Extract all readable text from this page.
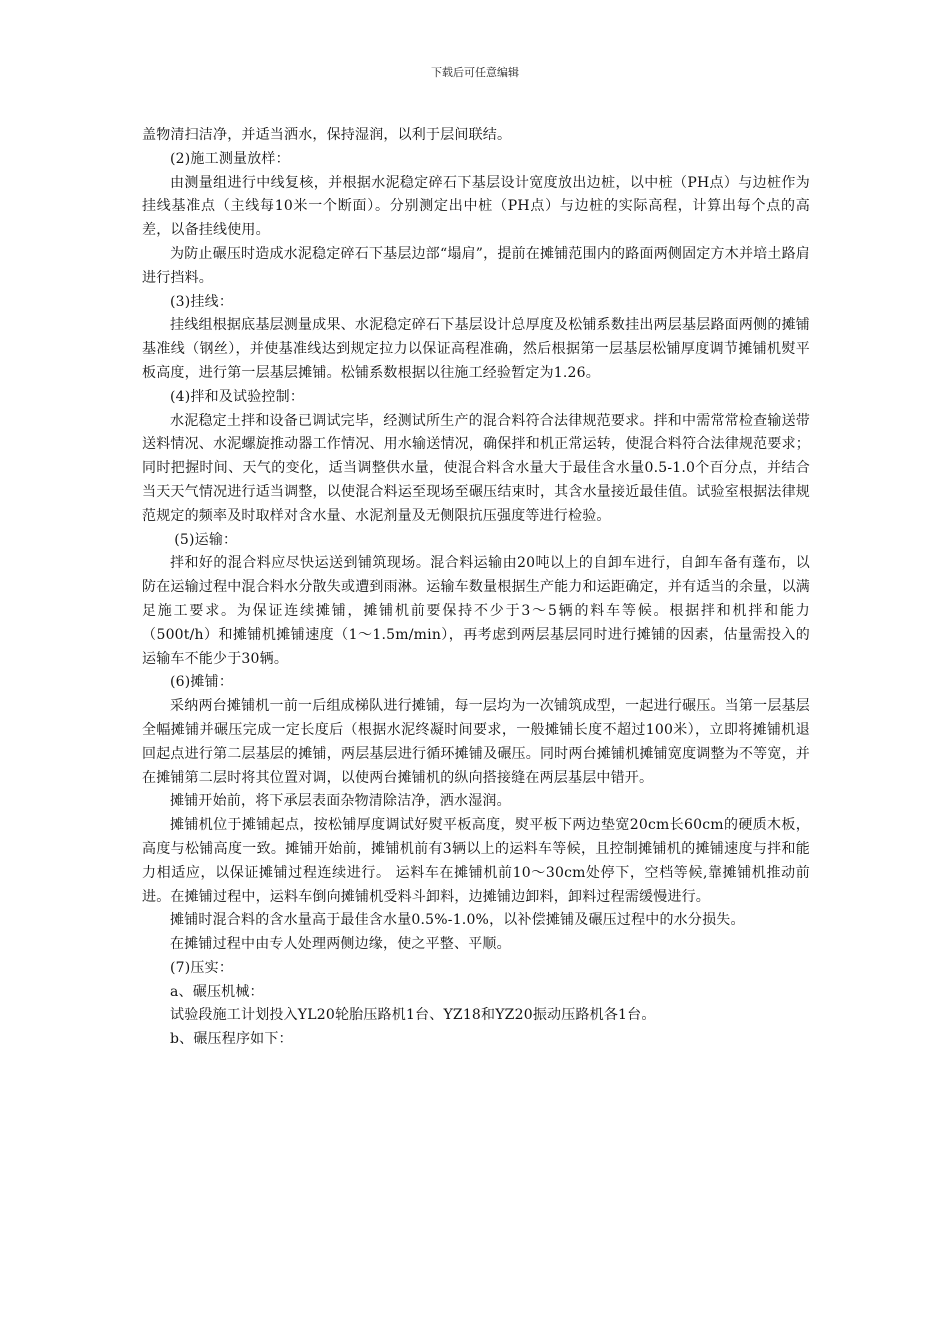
下载后可任意编辑

盖物清扫洁净，并适当洒水，保持湿润，以利于层间联结。

(2)施工测量放样：

由测量组进行中线复核，并根据水泥稳定碎石下基层设计宽度放出边桩，以中桩（PH点）与边桩作为挂线基准点（主线每10米一个断面）。分别测定出中桩（PH点）与边桩的实际高程，计算出每个点的高差，以备挂线使用。

为防止碾压时造成水泥稳定碎石下基层边部“塌肩”，提前在摊铺范围内的路面两侧固定方木并培土路肩进行挡料。

(3)挂线：

挂线组根据底基层测量成果、水泥稳定碎石下基层设计总厚度及松铺系数挂出两层基层路面两侧的摊铺基准线（钢丝），并使基准线达到规定拉力以保证高程准确，然后根据第一层基层松铺厚度调节摊铺机熨平板高度，进行第一层基层摊铺。松铺系数根据以往施工经验暂定为1.26。

(4)拌和及试验控制：

水泥稳定土拌和设备已调试完毕，经测试所生产的混合料符合法律规范要求。拌和中需常常检查输送带送料情况、水泥螺旋推动器工作情况、用水输送情况，确保拌和机正常运转，使混合料符合法律规范要求；同时把握时间、天气的变化，适当调整供水量，使混合料含水量大于最佳含水量0.5-1.0个百分点，并结合当天天气情况进行适当调整，以使混合料运至现场至碾压结束时，其含水量接近最佳值。试验室根据法律规范规定的频率及时取样对含水量、水泥剂量及无侧限抗压强度等进行检验。

(5)运输：

拌和好的混合料应尽快运送到铺筑现场。混合料运输由20吨以上的自卸车进行，自卸车备有蓬布，以防在运输过程中混合料水分散失或遭到雨淋。运输车数量根据生产能力和运距确定，并有适当的余量，以满足施工要求。为保证连续摊铺，摊铺机前要保持不少于3～5辆的料车等候。根据拌和机拌和能力（500t/h）和摊铺机摊铺速度（1～1.5m/min），再考虑到两层基层同时进行摊铺的因素，估量需投入的运输车不能少于30辆。

(6)摊铺：

采纳两台摊铺机一前一后组成梯队进行摊铺，每一层均为一次铺筑成型，一起进行碾压。当第一层基层全幅摊铺并碾压完成一定长度后（根据水泥终凝时间要求，一般摊铺长度不超过100米），立即将摊铺机退回起点进行第二层基层的摊铺，两层基层进行循环摊铺及碾压。同时两台摊铺机摊铺宽度调整为不等宽，并在摊铺第二层时将其位置对调，以使两台摊铺机的纵向搭接缝在两层基层中错开。

摊铺开始前，将下承层表面杂物清除洁净，洒水湿润。

摊铺机位于摊铺起点，按松铺厚度调试好熨平板高度，熨平板下两边垫宽20cm长60cm的硬质木板，高度与松铺高度一致。摊铺开始前，摊铺机前有3辆以上的运料车等候，且控制摊铺机的摊铺速度与拌和能力相适应，以保证摊铺过程连续进行。 运料车在摊铺机前10～30cm处停下，空档等候,靠摊铺机推动前进。在摊铺过程中，运料车倒向摊铺机受料斗卸料，边摊铺边卸料，卸料过程需缓慢进行。

摊铺时混合料的含水量高于最佳含水量0.5%-1.0%，以补偿摊铺及碾压过程中的水分损失。

在摊铺过程中由专人处理两侧边缘，使之平整、平顺。

(7)压实：

a、碾压机械：

试验段施工计划投入YL20轮胎压路机1台、YZ18和YZ20振动压路机各1台。

b、碾压程序如下：
